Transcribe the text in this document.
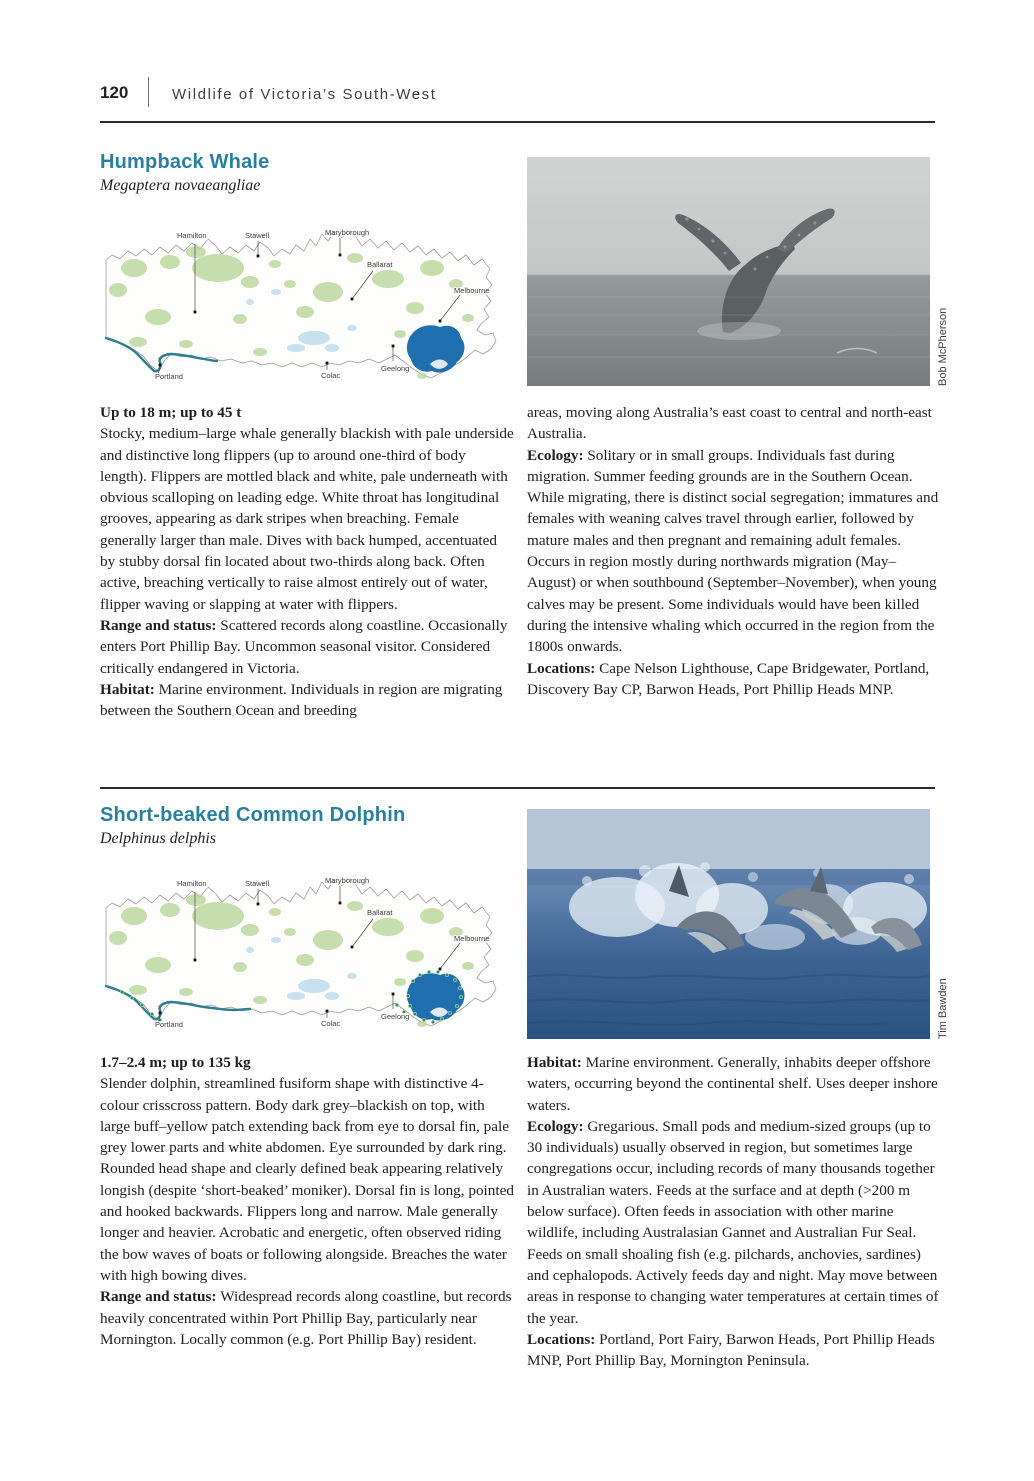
120	Wildlife of Victoria’s South-West
Humpback Whale
Megaptera novaeangliae
Hamilton	Stawell	Maryborough
Ballarat
Melbourne
Portland	Colac
Geelong	Bob McPherson

Up to 18 m; up to 45 t

Stocky, medium–large whale generally blackish with pale underside and distinctive long flippers (up to around one-third of body length). Flippers are mottled black and white, pale underneath with obvious scalloping on leading edge. White throat has longitudinal grooves, appearing as dark stripes when breaching. Female generally larger than male. Dives with back humped, accentuated by stubby dorsal fin located about two-thirds along back. Often active, breaching vertically to raise almost entirely out of water, flipper waving or slapping at water with flippers.

Range and status: Scattered records along coastline. Occasionally enters Port Phillip Bay. Uncommon seasonal visitor. Considered critically endangered in Victoria.

Habitat: Marine environment. Individuals in region are migrating between the Southern Ocean and breeding

areas, moving along Australia’s east coast to central and north-east Australia.

Ecology: Solitary or in small groups. Individuals fast during migration. Summer feeding grounds are in the Southern Ocean. While migrating, there is distinct social segregation; immatures and females with weaning calves travel through earlier, followed by mature males and then pregnant and remaining adult females. Occurs in region mostly during northwards migration (May–August) or when southbound (September–November), when young calves may be present. Some individuals would have been killed during the intensive whaling which occurred in the region from the 1800s onwards.

Locations: Cape Nelson Lighthouse, Cape Bridgewater, Portland, Discovery Bay CP, Barwon Heads, Port Phillip Heads MNP.

Short-beaked Common Dolphin
Delphinus delphis
Hamilton	Stawell	Maryborough
Ballarat
Melbourne
Portland	Colac
Geelong	Tim Bawden

1.7–2.4 m; up to 135 kg

Slender dolphin, streamlined fusiform shape with distinctive 4-colour crisscross pattern. Body dark grey–blackish on top, with large buff–yellow patch extending back from eye to dorsal fin, pale grey lower parts and white abdomen. Eye surrounded by dark ring. Rounded head shape and clearly defined beak appearing relatively longish (despite ‘short-beaked’ moniker). Dorsal fin is long, pointed and hooked backwards. Flippers long and narrow. Male generally longer and heavier. Acrobatic and energetic, often observed riding the bow waves of boats or following alongside. Breaches the water with high bowing dives.

Range and status: Widespread records along coastline, but records heavily concentrated within Port Phillip Bay, particularly near Mornington. Locally common (e.g. Port Phillip Bay) resident.

Habitat: Marine environment. Generally, inhabits deeper offshore waters, occurring beyond the continental shelf. Uses deeper inshore waters.

Ecology: Gregarious. Small pods and medium-sized groups (up to 30 individuals) usually observed in region, but sometimes large congregations occur, including records of many thousands together in Australian waters. Feeds at the surface and at depth (>200 m below surface). Often feeds in association with other marine wildlife, including Australasian Gannet and Australian Fur Seal. Feeds on small shoaling fish (e.g. pilchards, anchovies, sardines) and cephalopods. Actively feeds day and night. May move between areas in response to changing water temperatures at certain times of the year.

Locations: Portland, Port Fairy, Barwon Heads, Port Phillip Heads MNP, Port Phillip Bay, Mornington Peninsula.
